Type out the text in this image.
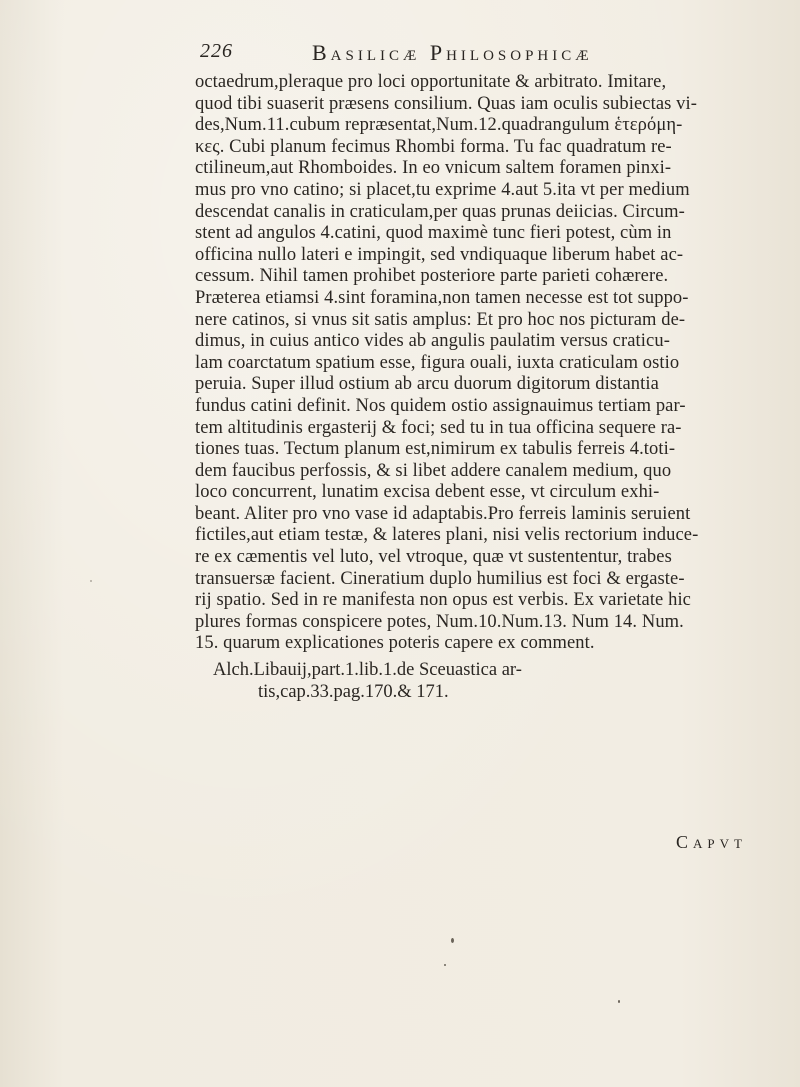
226	Basilicæ Philosophicæ
octaedrum,pleraque pro loci opportunitate & arbitrato. Imitare,
quod tibi suaserit præsens consilium. Quas iam oculis subiectas vi-
des,Num.11.cubum repræsentat,Num.12.quadrangulum ἑτερόμη-
κες. Cubi planum fecimus Rhombi forma. Tu fac quadratum re-
ctilineum,aut Rhomboides. In eo vnicum saltem foramen pinxi-
mus pro vno catino; si placet,tu exprime 4.aut 5.ita vt per medium
descendat canalis in craticulam,per quas prunas deiicias. Circum-
stent ad angulos 4.catini, quod maximè tunc fieri potest, cùm in
officina nullo lateri e impingit, sed vndiquaque liberum habet ac-
cessum. Nihil tamen prohibet posteriore parte parieti cohærere.
Præterea etiamsi 4.sint foramina,non tamen necesse est tot suppo-
nere catinos, si vnus sit satis amplus: Et pro hoc nos picturam de-
dimus, in cuius antico vides ab angulis paulatim versus craticu-
lam coarctatum spatium esse, figura ouali, iuxta craticulam ostio
peruia. Super illud ostium ab arcu duorum digitorum distantia
fundus catini definit. Nos quidem ostio assignauimus tertiam par-
tem altitudinis ergasterij & foci; sed tu in tua officina sequere ra-
tiones tuas. Tectum planum est,nimirum ex tabulis ferreis 4.toti-
dem faucibus perfossis, & si libet addere canalem medium, quo
loco concurrent, lunatim excisa debent esse, vt circulum exhi-
beant. Aliter pro vno vase id adaptabis.Pro ferreis laminis seruient
fictiles,aut etiam testæ, & lateres plani, nisi velis rectorium induce-
re ex cæmentis vel luto, vel vtroque, quæ vt sustententur, trabes
transuersæ facient. Cineratium duplo humilius est foci & ergaste-
rij spatio. Sed in re manifesta non opus est verbis. Ex varietate hic
plures formas conspicere potes, Num.10.Num.13. Num 14. Num.
15. quarum explicationes poteris capere ex comment.
Alch.Libauij,part.1.lib.1.de Sceuastica ar-
tis,cap.33.pag.170.& 171.
Capvt
